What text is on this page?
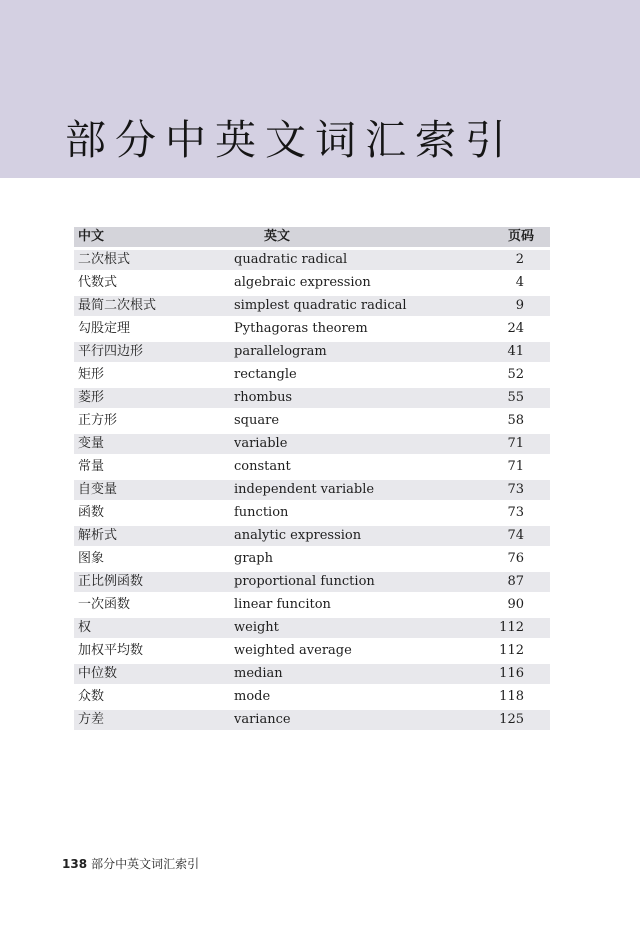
部分中英文词汇索引
中文	英文	页码
二次根式	quadratic radical	2
代数式	algebraic expression	4
最简二次根式	simplest quadratic radical	9
勾股定理	Pythagoras theorem	24
平行四边形	parallelogram	41
矩形	rectangle	52
菱形	rhombus	55
正方形	square	58
变量	variable	71
常量	constant	71
自变量	independent variable	73
函数	function	73
解析式	analytic expression	74
图象	graph	76
正比例函数	proportional function	87
一次函数	linear funciton	90
权	weight	112
加权平均数	weighted average	112
中位数	median	116
众数	mode	118
方差	variance	125
138 部分中英文词汇索引
